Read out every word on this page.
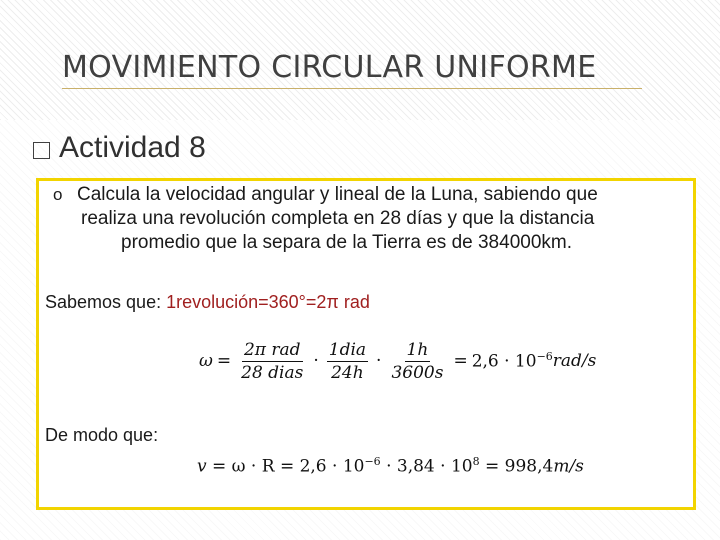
MOVIMIENTO CIRCULAR UNIFORME
Actividad 8
o Calcula la velocidad angular y lineal de la Luna, sabiendo que
realiza una revolución completa en 28 días y que la distancia
promedio que la separa de la Tierra es de 384000km.
Sabemos que: 1revolución=360°=2π rad
$\omega = \frac{\text{2π rad}}{\text{28 dias}} \cdot \frac{\text{1dia}}{24h} \cdot \frac{1h}{3600s} = 2,6 \cdot 10^{-6}$ rad/s
De modo que:
$v = \omega \cdot R = 2,6 \cdot 10^{-6} \cdot 3,84 \cdot 10^8 = 998,4m/s$
